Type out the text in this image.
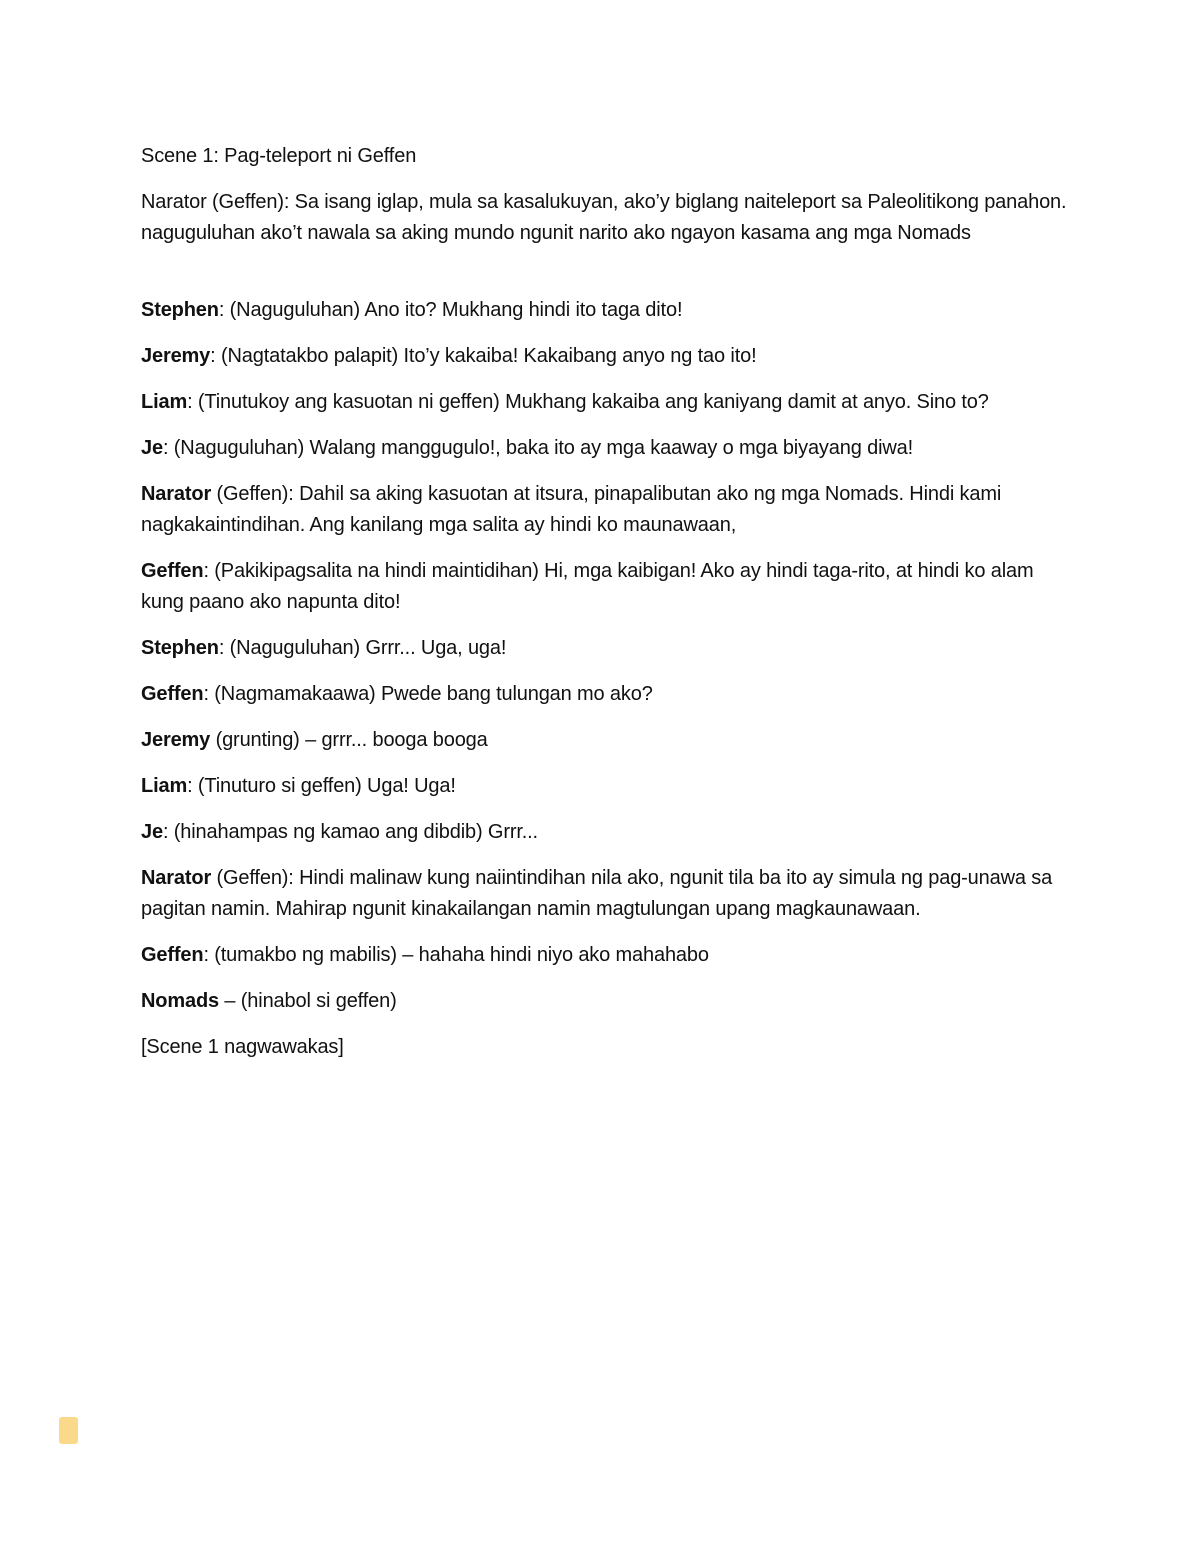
Scene 1: Pag-teleport ni Geffen

Narator (Geffen): Sa isang iglap, mula sa kasalukuyan, ako’y biglang naiteleport sa Paleolitikong panahon. naguguluhan ako’t nawala sa aking mundo ngunit narito ako ngayon kasama ang mga Nomads

Stephen: (Naguguluhan) Ano ito? Mukhang hindi ito taga dito!

Jeremy: (Nagtatakbo palapit) Ito’y kakaiba! Kakaibang anyo ng tao ito!

Liam: (Tinutukoy ang kasuotan ni geffen) Mukhang kakaiba ang kaniyang damit at anyo. Sino to?

Je: (Naguguluhan) Walang manggugulo!, baka ito ay mga kaaway o mga biyayang diwa!

Narator (Geffen): Dahil sa aking kasuotan at itsura, pinapalibutan ako ng mga Nomads. Hindi kami nagkakaintindihan. Ang kanilang mga salita ay hindi ko maunawaan,

Geffen: (Pakikipagsalita na hindi maintidihan) Hi, mga kaibigan! Ako ay hindi taga-rito, at hindi ko alam kung paano ako napunta dito!

Stephen: (Naguguluhan) Grrr... Uga, uga!

Geffen: (Nagmamakaawa) Pwede bang tulungan mo ako?

Jeremy (grunting) – grrr... booga booga

Liam: (Tinuturo si geffen) Uga! Uga!

Je: (hinahampas ng kamao ang dibdib) Grrr...

Narator (Geffen): Hindi malinaw kung naiintindihan nila ako, ngunit tila ba ito ay simula ng pag-unawa sa pagitan namin. Mahirap ngunit kinakailangan namin magtulungan upang magkaunawaan.

Geffen: (tumakbo ng mabilis) – hahaha hindi niyo ako mahahabo

Nomads – (hinabol si geffen)

[Scene 1 nagwawakas]
